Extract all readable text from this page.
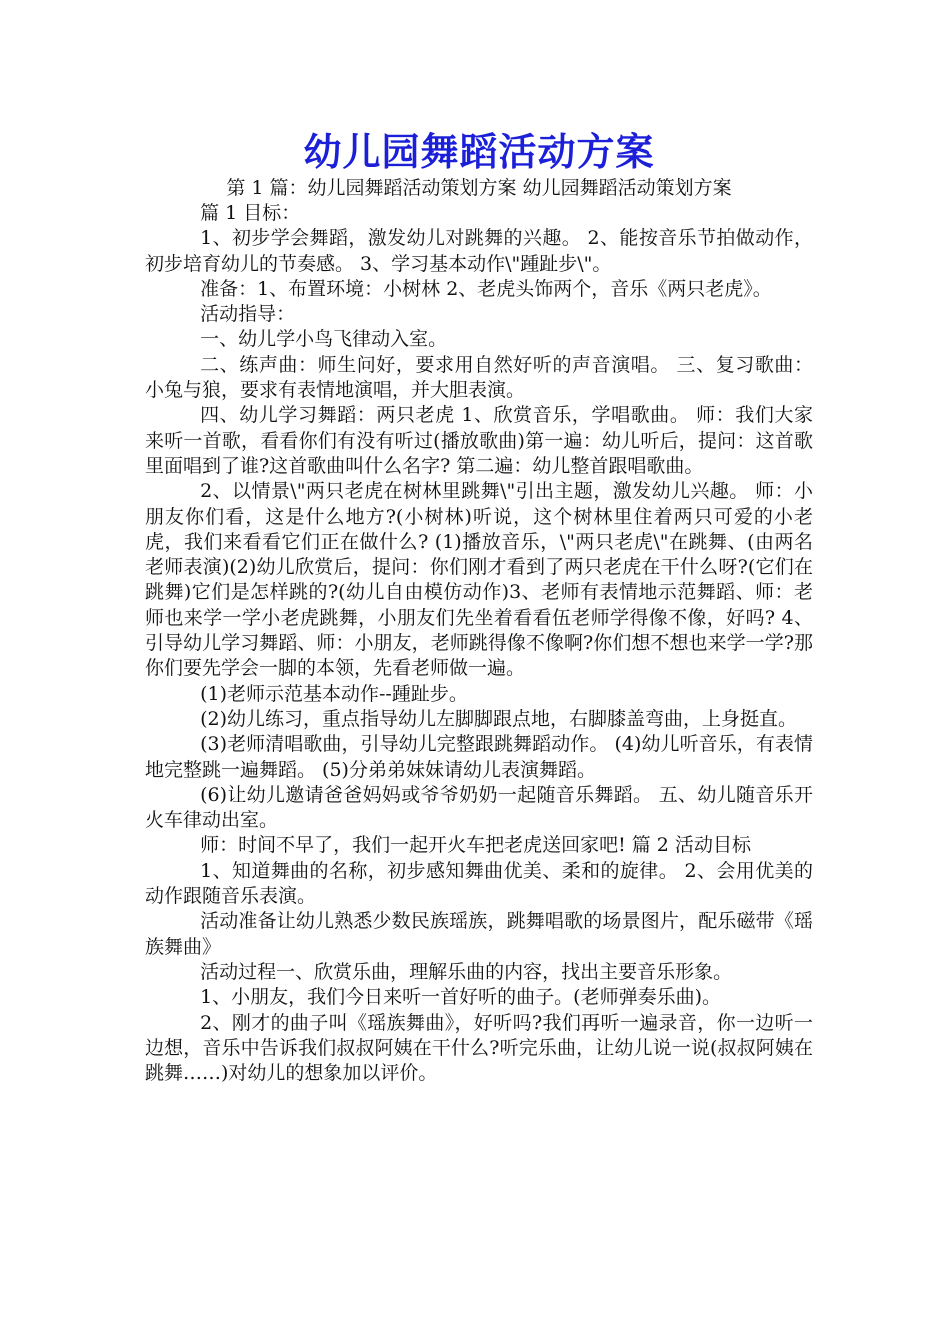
幼儿园舞蹈活动方案

第 1 篇：幼儿园舞蹈活动策划方案 幼儿园舞蹈活动策划方案

篇 1 目标：

1、初步学会舞蹈，激发幼儿对跳舞的兴趣。 2、能按音乐节拍做动作，初步培育幼儿的节奏感。 3、学习基本动作\"踵趾步\"。

准备：1、布置环境：小树林 2、老虎头饰两个，音乐《两只老虎》。

活动指导：

一、幼儿学小鸟飞律动入室。

二、练声曲：师生问好，要求用自然好听的声音演唱。 三、复习歌曲：小兔与狼，要求有表情地演唱，并大胆表演。

四、幼儿学习舞蹈：两只老虎 1、欣赏音乐，学唱歌曲。 师：我们大家来听一首歌，看看你们有没有听过(播放歌曲)第一遍：幼儿听后，提问：这首歌里面唱到了谁?这首歌曲叫什么名字? 第二遍：幼儿整首跟唱歌曲。

2、以情景\"两只老虎在树林里跳舞\"引出主题，激发幼儿兴趣。 师：小朋友你们看，这是什么地方?(小树林)听说，这个树林里住着两只可爱的小老虎，我们来看看它们正在做什么? (1)播放音乐，\"两只老虎\"在跳舞、(由两名老师表演)(2)幼儿欣赏后，提问：你们刚才看到了两只老虎在干什么呀?(它们在跳舞)它们是怎样跳的?(幼儿自由模仿动作)3、老师有表情地示范舞蹈、师：老师也来学一学小老虎跳舞，小朋友们先坐着看看伍老师学得像不像，好吗? 4、引导幼儿学习舞蹈、师：小朋友，老师跳得像不像啊?你们想不想也来学一学?那你们要先学会一脚的本领，先看老师做一遍。

(1)老师示范基本动作--踵趾步。

(2)幼儿练习，重点指导幼儿左脚脚跟点地，右脚膝盖弯曲，上身挺直。

(3)老师清唱歌曲，引导幼儿完整跟跳舞蹈动作。 (4)幼儿听音乐，有表情地完整跳一遍舞蹈。 (5)分弟弟妹妹请幼儿表演舞蹈。

(6)让幼儿邀请爸爸妈妈或爷爷奶奶一起随音乐舞蹈。 五、幼儿随音乐开火车律动出室。

师：时间不早了，我们一起开火车把老虎送回家吧! 篇 2 活动目标

1、知道舞曲的名称，初步感知舞曲优美、柔和的旋律。 2、会用优美的动作跟随音乐表演。

活动准备让幼儿熟悉少数民族瑶族，跳舞唱歌的场景图片，配乐磁带《瑶族舞曲》

活动过程一、欣赏乐曲，理解乐曲的内容，找出主要音乐形象。

1、小朋友，我们今日来听一首好听的曲子。(老师弹奏乐曲)。

2、刚才的曲子叫《瑶族舞曲》，好听吗?我们再听一遍录音，你一边听一边想，音乐中告诉我们叔叔阿姨在干什么?听完乐曲，让幼儿说一说(叔叔阿姨在跳舞……)对幼儿的想象加以评价。
